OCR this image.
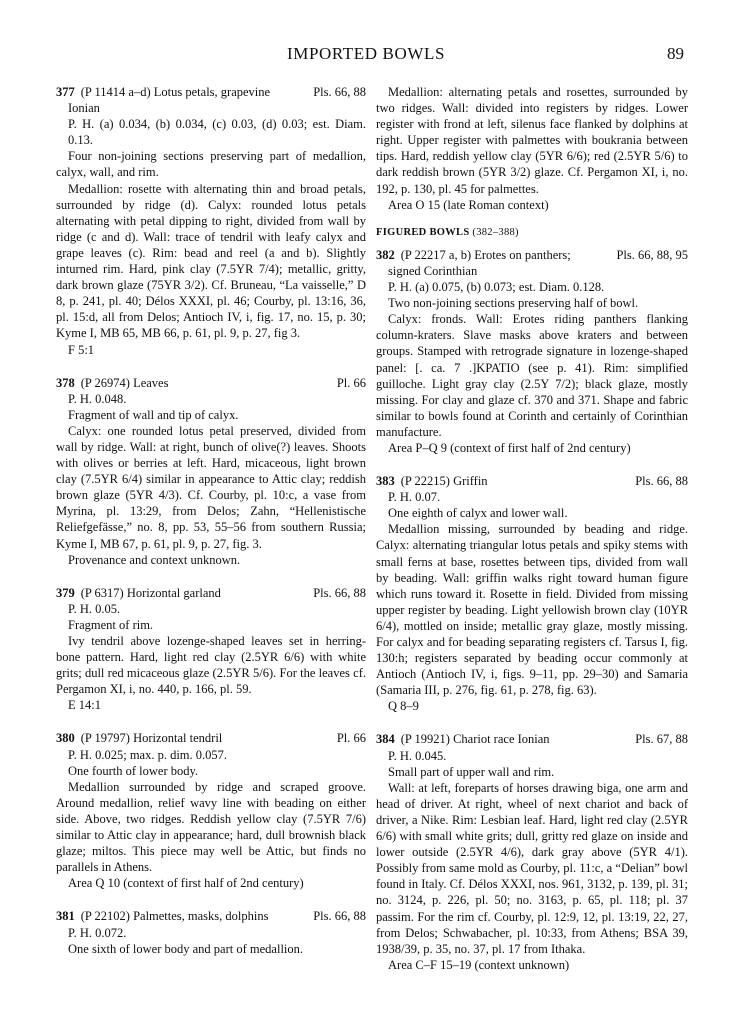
IMPORTED BOWLS	89
377 (P 11414 a–d) Lotus petals, grapevine	Pls. 66, 88
Ionian
P. H. (a) 0.034, (b) 0.034, (c) 0.03, (d) 0.03; est. Diam. 0.13.

Four non-joining sections preserving part of medallion, calyx, wall, and rim.

Medallion: rosette with alternating thin and broad petals, surrounded by ridge (d). Calyx: rounded lotus petals alternating with petal dipping to right, divided from wall by ridge (c and d). Wall: trace of tendril with leafy calyx and grape leaves (c). Rim: bead and reel (a and b). Slightly inturned rim. Hard, pink clay (7.5YR 7/4); metallic, gritty, dark brown glaze (75YR 3/2). Cf. Bruneau, “La vaisselle,” D 8, p. 241, pl. 40; Délos XXXI, pl. 46; Courby, pl. 13:16, 36, pl. 15:d, all from Delos; Antioch IV, i, fig. 17, no. 15, p. 30; Kyme I, MB 65, MB 66, p. 61, pl. 9, p. 27, fig 3.

F 5:1
378 (P 26974) Leaves	Pl. 66
P. H. 0.048.

Fragment of wall and tip of calyx.

Calyx: one rounded lotus petal preserved, divided from wall by ridge. Wall: at right, bunch of olive(?) leaves. Shoots with olives or berries at left. Hard, micaceous, light brown clay (7.5YR 6/4) similar in appearance to Attic clay; reddish brown glaze (5YR 4/3). Cf. Courby, pl. 10:c, a vase from Myrina, pl. 13:29, from Delos; Zahn, “Hellenistische Reliefgefässe,” no. 8, pp. 53, 55–56 from southern Russia; Kyme I, MB 67, p. 61, pl. 9, p. 27, fig. 3.

Provenance and context unknown.

379 (P 6317) Horizontal garland	Pls. 66, 88
P. H. 0.05.

Fragment of rim.

Ivy tendril above lozenge-shaped leaves set in herring-bone pattern. Hard, light red clay (2.5YR 6/6) with white grits; dull red micaceous glaze (2.5YR 5/6). For the leaves cf. Pergamon XI, i, no. 440, p. 166, pl. 59.

E 14:1
380 (P 19797) Horizontal tendril	Pl. 66
P. H. 0.025; max. p. dim. 0.057.

One fourth of lower body.

Medallion surrounded by ridge and scraped groove. Around medallion, relief wavy line with beading on either side. Above, two ridges. Reddish yellow clay (7.5YR 7/6) similar to Attic clay in appearance; hard, dull brownish black glaze; miltos. This piece may well be Attic, but finds no parallels in Athens.

Area Q 10 (context of first half of 2nd century)

381 (P 22102) Palmettes, masks, dolphins	Pls. 66, 88
P. H. 0.072.

One sixth of lower body and part of medallion.

Medallion: alternating petals and rosettes, surrounded by two ridges. Wall: divided into registers by ridges. Lower register with frond at left, silenus face flanked by dolphins at right. Upper register with palmettes with boukrania between tips. Hard, reddish yellow clay (5YR 6/6); red (2.5YR 5/6) to dark reddish brown (5YR 3/2) glaze. Cf. Pergamon XI, i, no. 192, p. 130, pl. 45 for palmettes.

Area O 15 (late Roman context)

FIGURED BOWLS (382–388)
382 (P 22217 a, b) Erotes on panthers;	Pls. 66, 88, 95
signed Corinthian
P. H. (a) 0.075, (b) 0.073; est. Diam. 0.128.

Two non-joining sections preserving half of bowl.

Calyx: fronds. Wall: Erotes riding panthers flanking column-kraters. Slave masks above kraters and between groups. Stamped with retrograde signature in lozenge-shaped panel: [. ca. 7 .]ΚΡΑΤΙΟ (see p. 41). Rim: simplified guilloche. Light gray clay (2.5Y 7/2); black glaze, mostly missing. For clay and glaze cf. 370 and 371. Shape and fabric similar to bowls found at Corinth and certainly of Corinthian manufacture.

Area P–Q 9 (context of first half of 2nd century)

383 (P 22215) Griffin	Pls. 66, 88
P. H. 0.07.

One eighth of calyx and lower wall.

Medallion missing, surrounded by beading and ridge. Calyx: alternating triangular lotus petals and spiky stems with small ferns at base, rosettes between tips, divided from wall by beading. Wall: griffin walks right toward human figure which runs toward it. Rosette in field. Divided from missing upper register by beading. Light yellowish brown clay (10YR 6/4), mottled on inside; metallic gray glaze, mostly missing. For calyx and for beading separating registers cf. Tarsus I, fig. 130:h; registers separated by beading occur commonly at Antioch (Antioch IV, i, figs. 9–11, pp. 29–30) and Samaria (Samaria III, p. 276, fig. 61, p. 278, fig. 63).

Q 8–9
384 (P 19921) Chariot race Ionian	Pls. 67, 88
P. H. 0.045.

Small part of upper wall and rim.

Wall: at left, foreparts of horses drawing biga, one arm and head of driver. At right, wheel of next chariot and back of driver, a Nike. Rim: Lesbian leaf. Hard, light red clay (2.5YR 6/6) with small white grits; dull, gritty red glaze on inside and lower outside (2.5YR 4/6), dark gray above (5YR 4/1). Possibly from same mold as Courby, pl. 11:c, a “Delian” bowl found in Italy. Cf. Délos XXXI, nos. 961, 3132, p. 139, pl. 31; no. 3124, p. 226, pl. 50; no. 3163, p. 65, pl. 118; pl. 37 passim. For the rim cf. Courby, pl. 12:9, 12, pl. 13:19, 22, 27, from Delos; Schwabacher, pl. 10:33, from Athens; BSA 39, 1938/39, p. 35, no. 37, pl. 17 from Ithaka.

Area C–F 15–19 (context unknown)
